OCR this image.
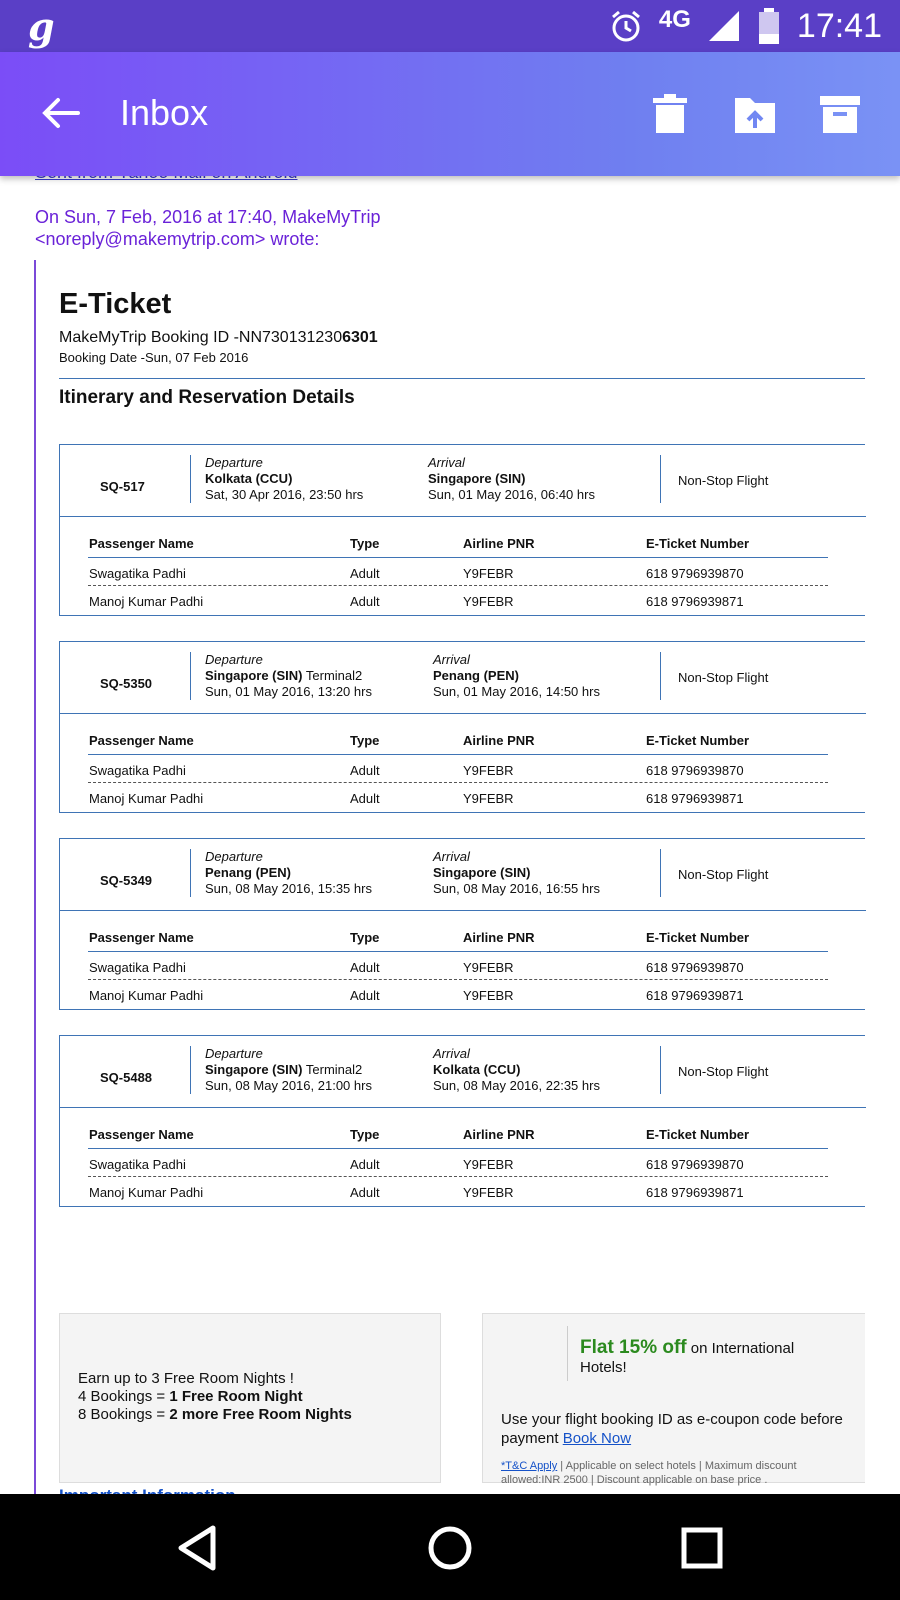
g	4G	17:41
Inbox
On Sun, 7 Feb, 2016 at 17:40, MakeMyTrip
<noreply@makemytrip.com> wrote:
E-Ticket
MakeMyTrip Booking ID -NN7301312306301
Booking Date -Sun, 07 Feb 2016
Itinerary and Reservation Details
SQ-517
Departure
Kolkata (CCU)
Sat, 30 Apr 2016, 23:50 hrs
Arrival
Singapore (SIN)
Sun, 01 May 2016, 06:40 hrs
Non-Stop Flight
Passenger Name	Type	Airline PNR	E-Ticket Number
Swagatika Padhi	Adult	Y9FEBR	618 9796939870
Manoj Kumar Padhi	Adult	Y9FEBR	618 9796939871
SQ-5350
Departure
Singapore (SIN) Terminal2
Sun, 01 May 2016, 13:20 hrs
Arrival
Penang (PEN)
Sun, 01 May 2016, 14:50 hrs
Non-Stop Flight
Passenger Name	Type	Airline PNR	E-Ticket Number
Swagatika Padhi	Adult	Y9FEBR	618 9796939870
Manoj Kumar Padhi	Adult	Y9FEBR	618 9796939871
SQ-5349
Departure
Penang (PEN)
Sun, 08 May 2016, 15:35 hrs
Arrival
Singapore (SIN)
Sun, 08 May 2016, 16:55 hrs
Non-Stop Flight
Passenger Name	Type	Airline PNR	E-Ticket Number
Swagatika Padhi	Adult	Y9FEBR	618 9796939870
Manoj Kumar Padhi	Adult	Y9FEBR	618 9796939871
SQ-5488
Departure
Singapore (SIN) Terminal2
Sun, 08 May 2016, 21:00 hrs
Arrival
Kolkata (CCU)
Sun, 08 May 2016, 22:35 hrs
Non-Stop Flight
Passenger Name	Type	Airline PNR	E-Ticket Number
Swagatika Padhi	Adult	Y9FEBR	618 9796939870
Manoj Kumar Padhi	Adult	Y9FEBR	618 9796939871
Earn up to 3 Free Room Nights !
4 Bookings = 1 Free Room Night
8 Bookings = 2 more Free Room Nights
Flat 15% off on International Hotels!
Use your flight booking ID as e-coupon code before payment Book Now
*T&C Apply | Applicable on select hotels | Maximum discount allowed:INR 2500 | Discount applicable on base price .
